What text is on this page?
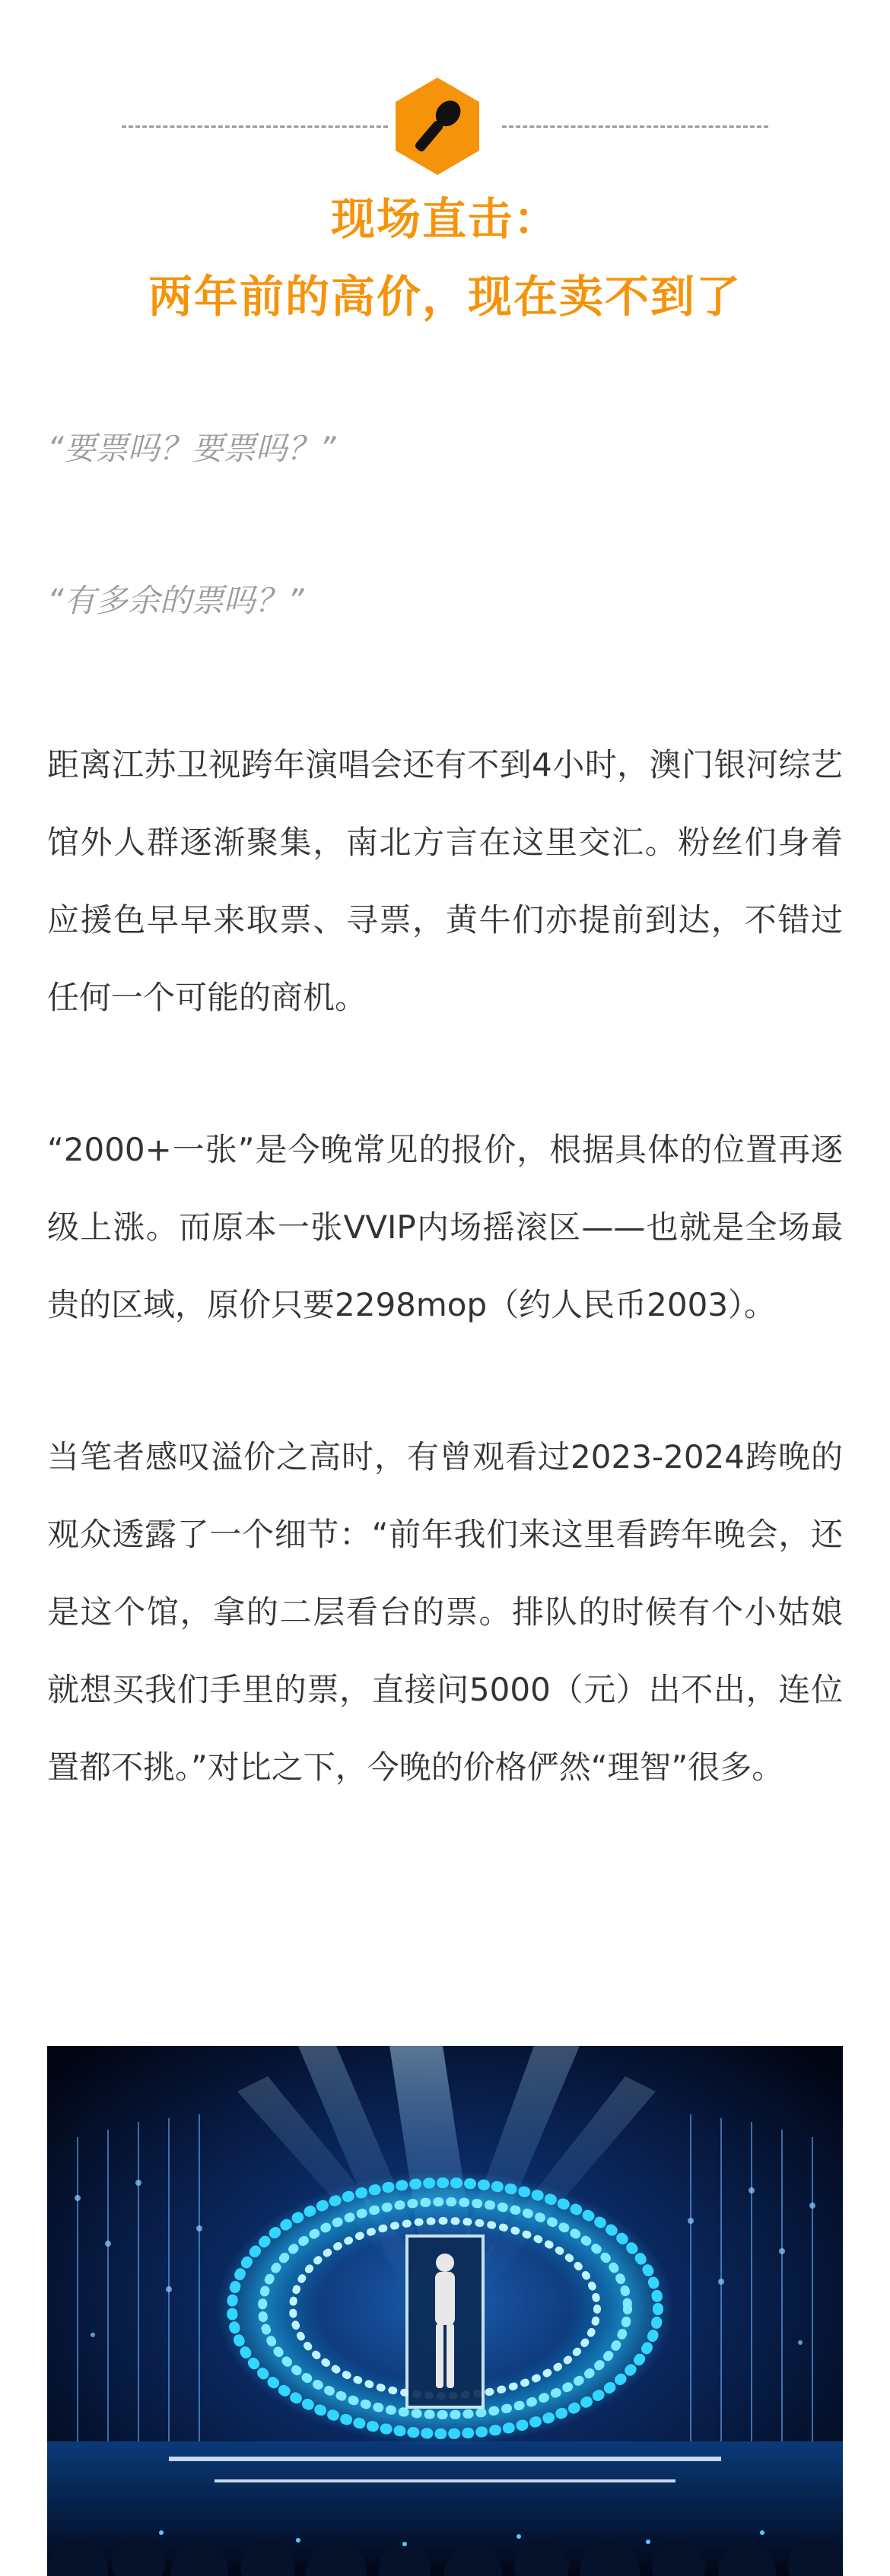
现场直击：
两年前的高价，现在卖不到了

“要票吗？要票吗？”

“有多余的票吗？”

距离江苏卫视跨年演唱会还有不到4小时，澳门银河综艺馆外人群逐渐聚集，南北方言在这里交汇。粉丝们身着应援色早早来取票、寻票，黄牛们亦提前到达，不错过任何一个可能的商机。

“2000+一张”是今晚常见的报价，根据具体的位置再逐级上涨。而原本一张VVIP内场摇滚区——也就是全场最贵的区域，原价只要2298mop（约人民币2003）。

当笔者感叹溢价之高时，有曾观看过2023-2024跨晚的观众透露了一个细节：“前年我们来这里看跨年晚会，还是这个馆，拿的二层看台的票。排队的时候有个小姑娘就想买我们手里的票，直接问5000（元）出不出，连位置都不挑。”对比之下，今晚的价格俨然“理智”很多。
